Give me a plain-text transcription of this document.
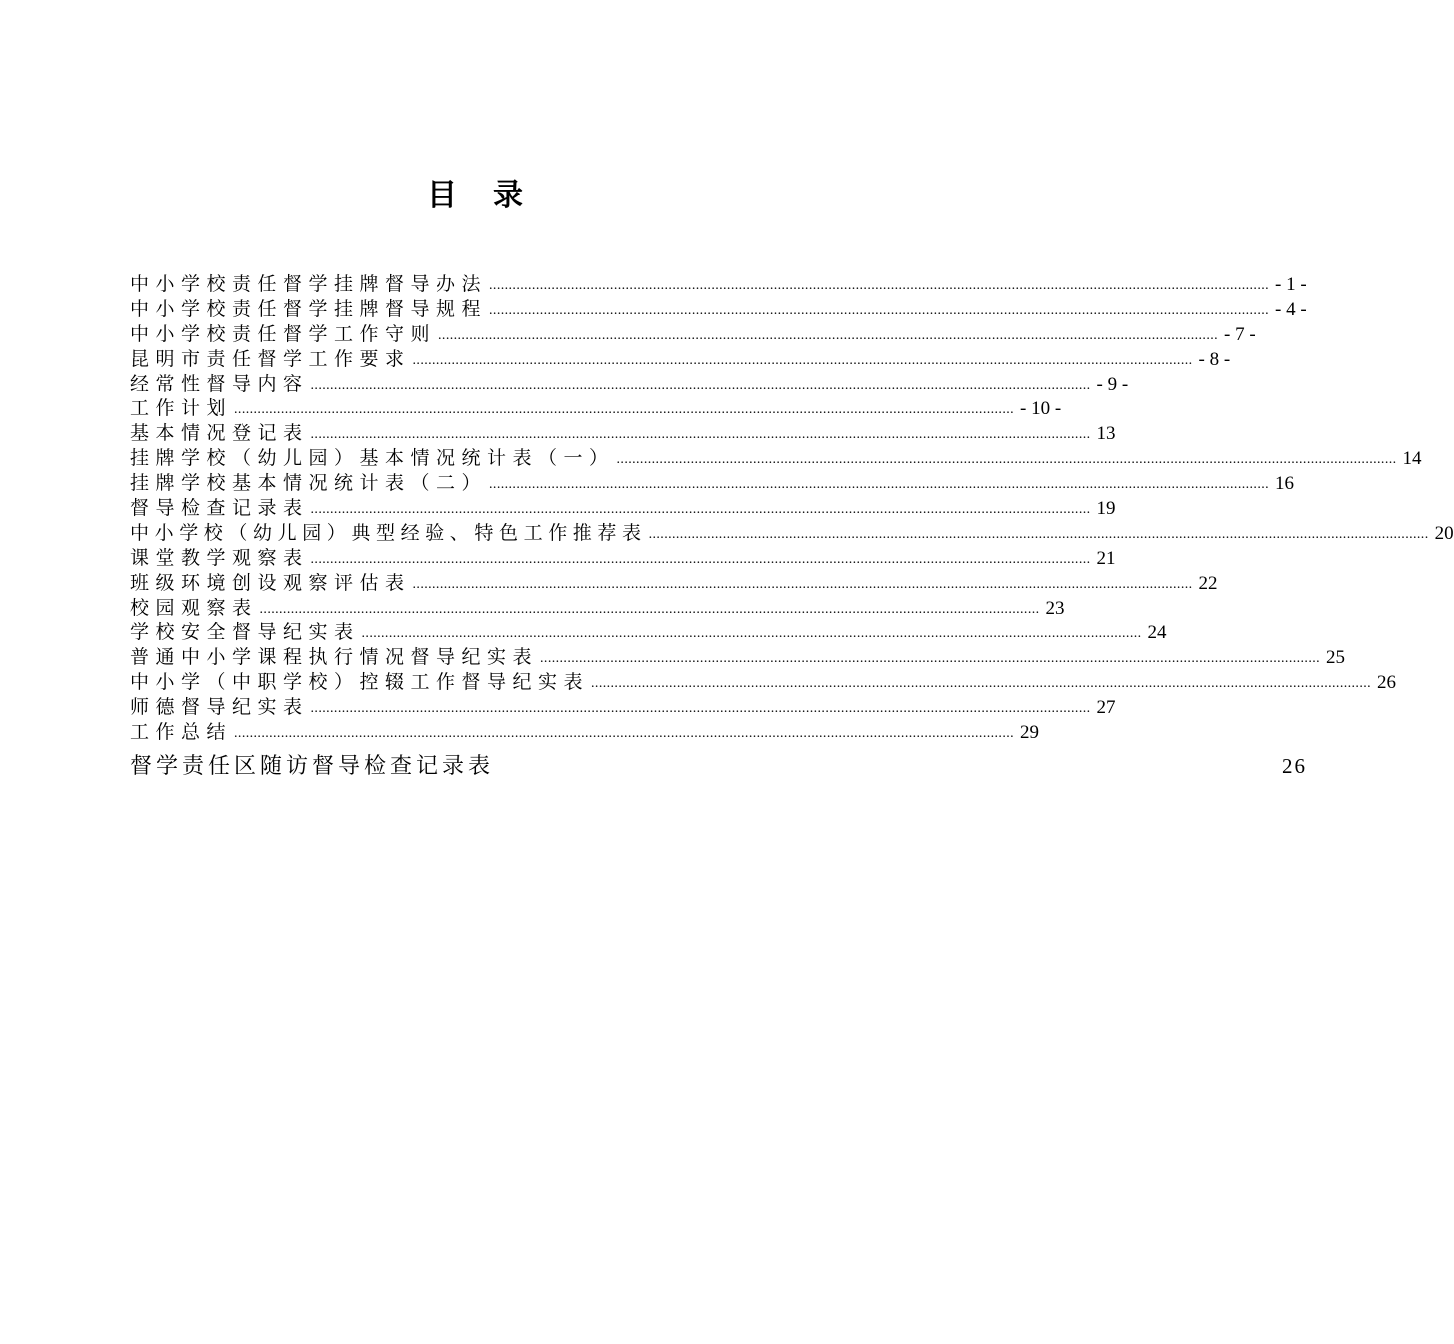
目录
中小学校责任督学挂牌督导办法 ........................................................................................................................................................................................................ - 1 -
中小学校责任督学挂牌督导规程 ........................................................................................................................................................................................................ - 4 -
中小学校责任督学工作守则 ........................................................................................................................................................................................................ - 7 -
昆明市责任督学工作要求 ........................................................................................................................................................................................................ - 8 -
经常性督导内容 ........................................................................................................................................................................................................ - 9 -
工作计划 ........................................................................................................................................................................................................ - 10 -
基本情况登记表 ........................................................................................................................................................................................................ 13
挂牌学校（幼儿园）基本情况统计表（一） ........................................................................................................................................................................................................ 14
挂牌学校基本情况统计表（二） ........................................................................................................................................................................................................ 16
督导检查记录表 ........................................................................................................................................................................................................ 19
中小学校（幼儿园）典型经验、特色工作推荐表 ........................................................................................................................................................................................................ 20
课堂教学观察表 ........................................................................................................................................................................................................ 21
班级环境创设观察评估表 ........................................................................................................................................................................................................ 22
校园观察表 ........................................................................................................................................................................................................ 23
学校安全督导纪实表 ........................................................................................................................................................................................................ 24
普通中小学课程执行情况督导纪实表 ........................................................................................................................................................................................................ 25
中小学（中职学校）控辍工作督导纪实表 ........................................................................................................................................................................................................ 26
师德督导纪实表 ........................................................................................................................................................................................................ 27
工作总结 ........................................................................................................................................................................................................ 29
督学责任区随访督导检查记录表	26
